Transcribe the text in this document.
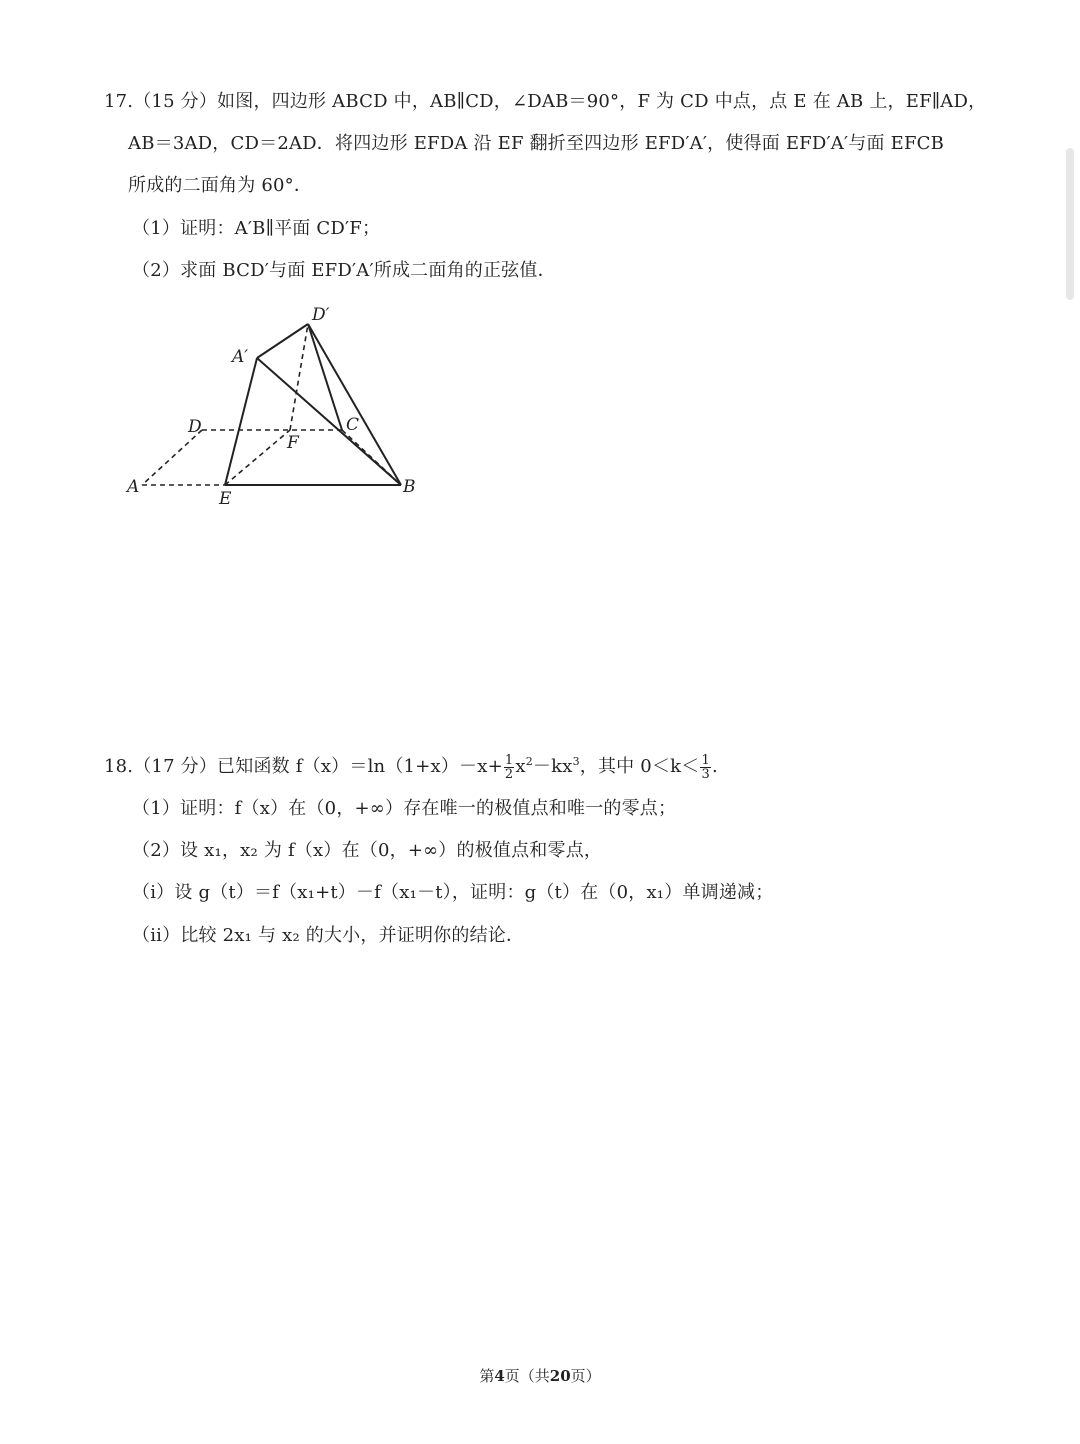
17.（15 分）如图，四边形 ABCD 中，AB∥CD，∠DAB＝90°，F 为 CD 中点，点 E 在 AB 上，EF∥AD，
AB＝3AD，CD＝2AD．将四边形 EFDA 沿 EF 翻折至四边形 EFD′A′，使得面 EFD′A′与面 EFCB
所成的二面角为 60°．
（1）证明：A′B∥平面 CD′F；
（2）求面 BCD′与面 EFD′A′所成二面角的正弦值．
D′
A′
D
F
C
A
E
B
18.（17 分）已知函数 $f(x)=\ln(1+x)-x+ \frac{1}{2} x^2-kx^3$，其中 $0<k< \frac{1}{3}$ .
（1）证明：f（x）在（0，+∞）存在唯一的极值点和唯一的零点；
（2）设 x₁，x₂ 为 f（x）在（0，+∞）的极值点和零点，
（i）设 g（t）＝f（x₁+t）－f（x₁－t），证明：g（t）在（0，x₁）单调递减；
（ii）比较 2x₁ 与 x₂ 的大小，并证明你的结论．
第4页（共20页）
